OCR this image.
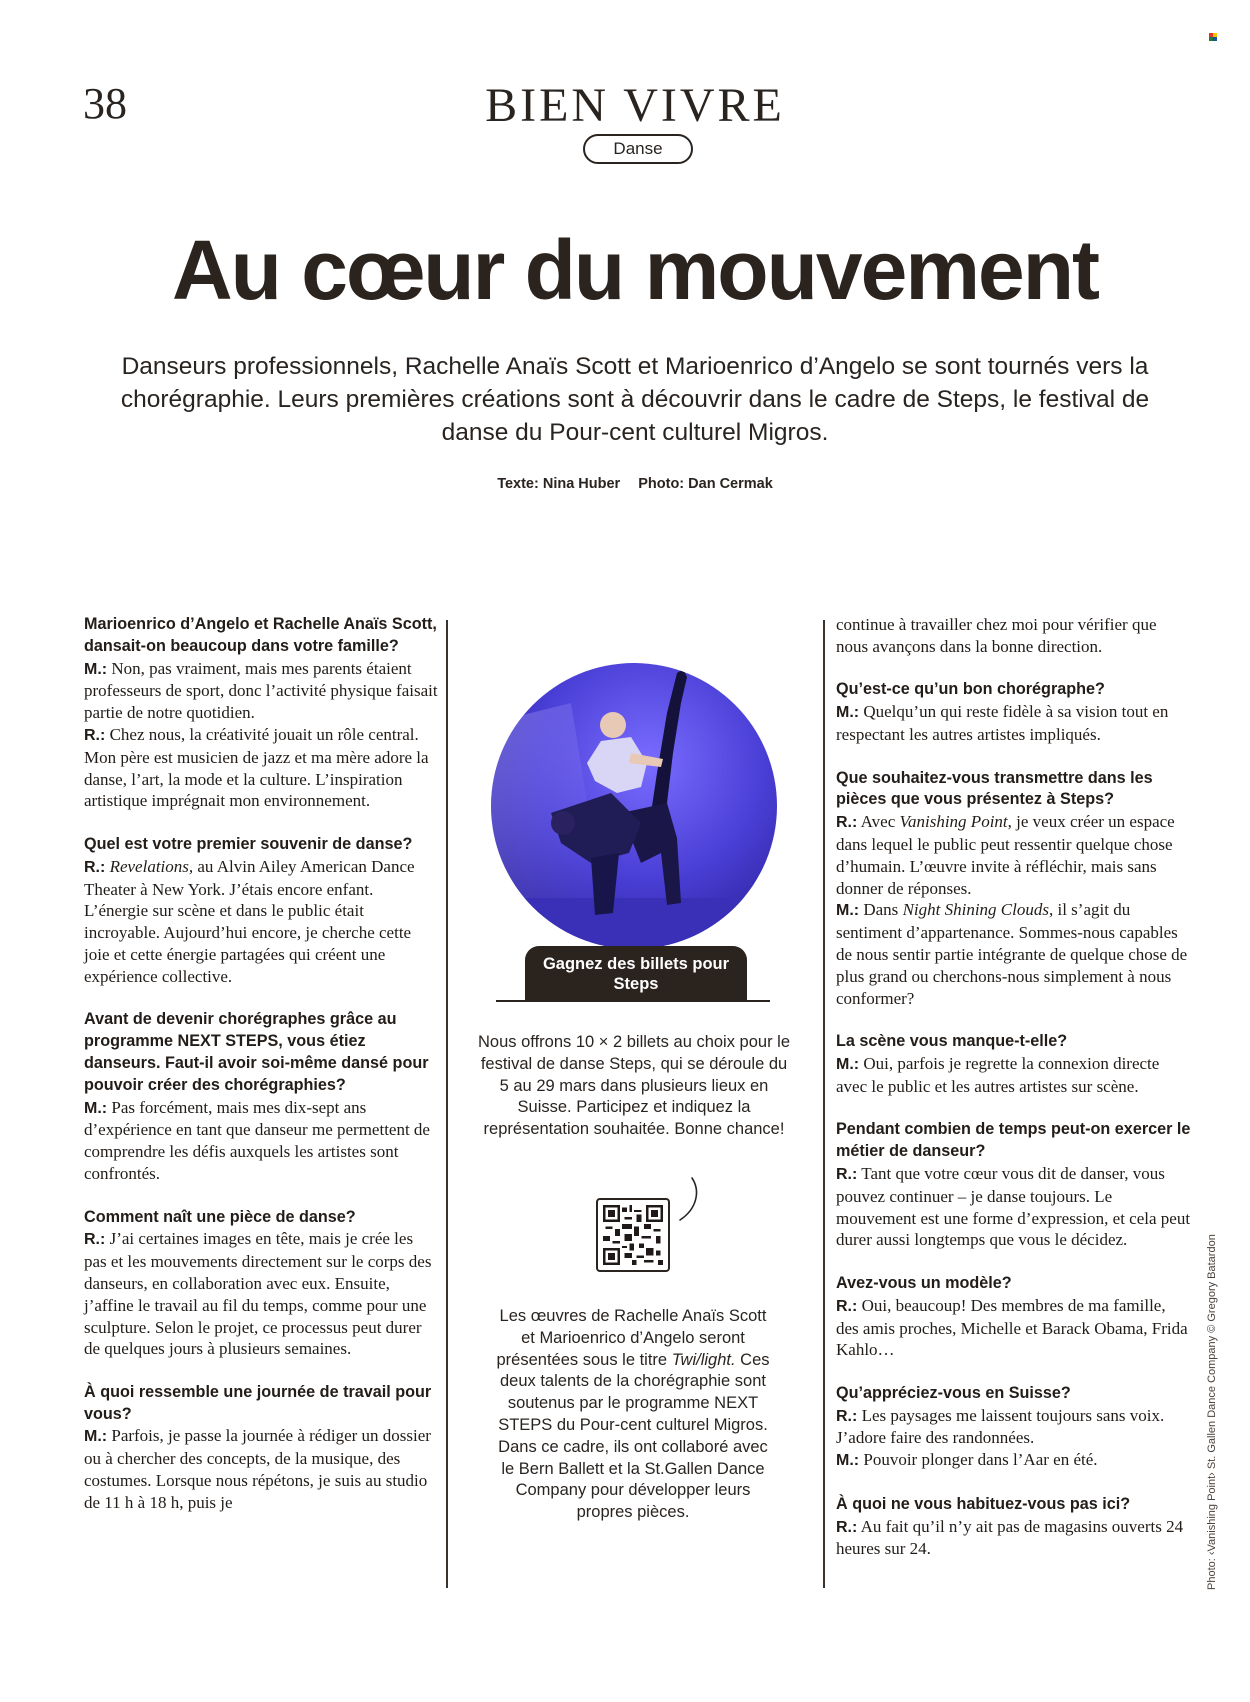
38	BIEN VIVRE
Danse
Au cœur du mouvement

Danseurs professionnels, Rachelle Anaïs Scott et Marioenrico d’Angelo se sont tournés vers la chorégraphie. Leurs premières créations sont à découvrir dans le cadre de Steps, le festival de danse du Pour-cent culturel Migros.

Texte: Nina Huber Photo: Dan Cermak
Marioenrico d’Angelo et Rachelle Anaïs Scott, dansait-on beaucoup dans votre famille?
M.: Non, pas vraiment, mais mes parents étaient professeurs de sport, donc l’activité physique faisait partie de notre quotidien.
R.: Chez nous, la créativité jouait un rôle central. Mon père est musicien de jazz et ma mère adore la danse, l’art, la mode et la culture. L’inspiration artistique imprégnait mon environnement.
Quel est votre premier souvenir de danse?
R.: Revelations, au Alvin Ailey American Dance Theater à New York. J’étais encore enfant. L’énergie sur scène et dans le public était incroyable. Aujourd’hui encore, je cherche cette joie et cette énergie partagées qui créent une expérience collective.
Avant de devenir chorégraphes grâce au programme NEXT STEPS, vous étiez danseurs. Faut-il avoir soi-même dansé pour pouvoir créer des chorégraphies?
M.: Pas forcément, mais mes dix-sept ans d’expérience en tant que danseur me permettent de comprendre les défis auxquels les artistes sont confrontés.
Comment naît une pièce de danse?
R.: J’ai certaines images en tête, mais je crée les pas et les mouvements directement sur le corps des danseurs, en collaboration avec eux. Ensuite, j’affine le travail au fil du temps, comme pour une sculpture. Selon le projet, ce processus peut durer de quelques jours à plusieurs semaines.
À quoi ressemble une journée de travail pour vous?
M.: Parfois, je passe la journée à rédiger un dossier ou à chercher des concepts, de la musique, des costumes. Lorsque nous répétons, je suis au studio de 11 h à 18 h, puis je
Gagnez des billets pour Steps

Nous offrons 10 × 2 billets au choix pour le festival de danse Steps, qui se déroule du 5 au 29 mars dans plusieurs lieux en Suisse. Participez et indiquez la représentation souhaitée. Bonne chance!

Les œuvres de Rachelle Anaïs Scott et Marioenrico d’Angelo seront présentées sous le titre Twi/light. Ces deux talents de la chorégraphie sont soutenus par le programme NEXT STEPS du Pour-cent culturel Migros. Dans ce cadre, ils ont collaboré avec le Bern Ballett et la St.Gallen Dance Company pour développer leurs propres pièces.

continue à travailler chez moi pour vérifier que nous avançons dans la bonne direction.
Qu’est-ce qu’un bon chorégraphe?
M.: Quelqu’un qui reste fidèle à sa vision tout en respectant les autres artistes impliqués.
Que souhaitez-vous transmettre dans les pièces que vous présentez à Steps?
R.: Avec Vanishing Point, je veux créer un espace dans lequel le public peut ressentir quelque chose d’humain. L’œuvre invite à réfléchir, mais sans donner de réponses.
M.: Dans Night Shining Clouds, il s’agit du sentiment d’appartenance. Sommes-nous capables de nous sentir partie intégrante de quelque chose de plus grand ou cherchons-nous simplement à nous conformer?
La scène vous manque-t-elle?
M.: Oui, parfois je regrette la connexion directe avec le public et les autres artistes sur scène.
Pendant combien de temps peut-on exercer le métier de danseur?
R.: Tant que votre cœur vous dit de danser, vous pouvez continuer – je danse toujours. Le mouvement est une forme d’expression, et cela peut durer aussi longtemps que vous le décidez.
Avez-vous un modèle?
R.: Oui, beaucoup! Des membres de ma famille, des amis proches, Michelle et Barack Obama, Frida Kahlo…
Qu’appréciez-vous en Suisse?
R.: Les paysages me laissent toujours sans voix. J’adore faire des randonnées.
M.: Pouvoir plonger dans l’Aar en été.
À quoi ne vous habituez-vous pas ici?
R.: Au fait qu’il n’y ait pas de magasins ouverts 24 heures sur 24.	Photo: ‹Vanishing Point› St. Gallen Dance Company © Gregory Batardon
